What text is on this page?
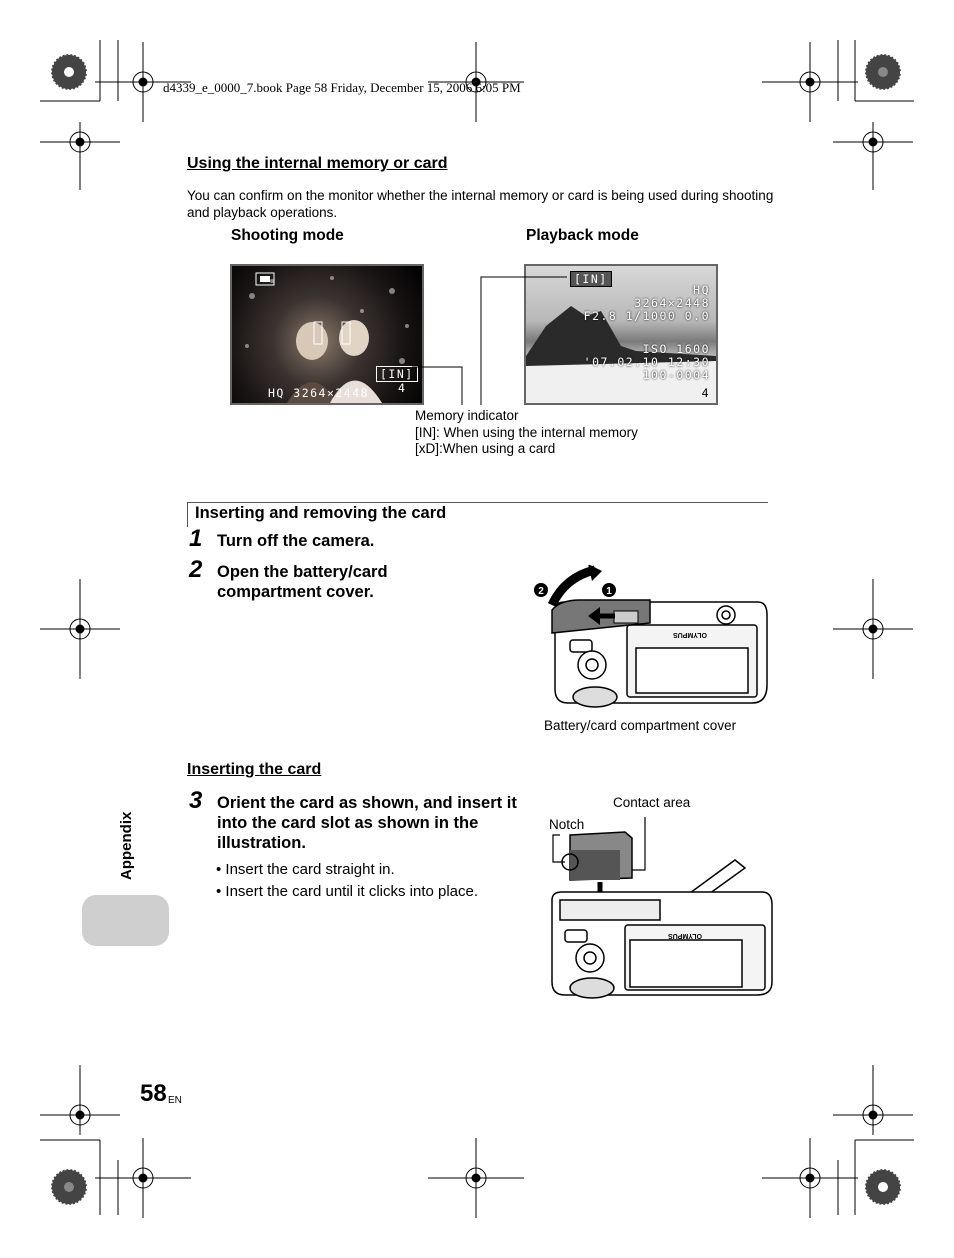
d4339_e_0000_7.book Page 58 Friday, December 15, 2006 6:05 PM
Using the internal memory or card
You can confirm on the monitor whether the internal memory or card is being used during shooting and playback operations.
Shooting mode	Playback mode
HQ 3264×2448
[IN]
4
[IN]
HQ
3264×2448
F2.8 1/1000 0.0
ISO 1600
'07.02.10 12:30
100-0004
4
Memory indicator
[IN]: When using the internal memory
[xD]:When using a card
Inserting and removing the card
1 Turn off the camera.
2 Open the battery/card compartment cover.	2	1
OLYMPUS
Battery/card compartment cover
Inserting the card
3 Orient the card as shown, and insert it into the card slot as shown in the illustration.
• Insert the card straight in.
• Insert the card until it clicks into place.
Contact area
Notch
OLYMPUS
Appendix
58 EN
